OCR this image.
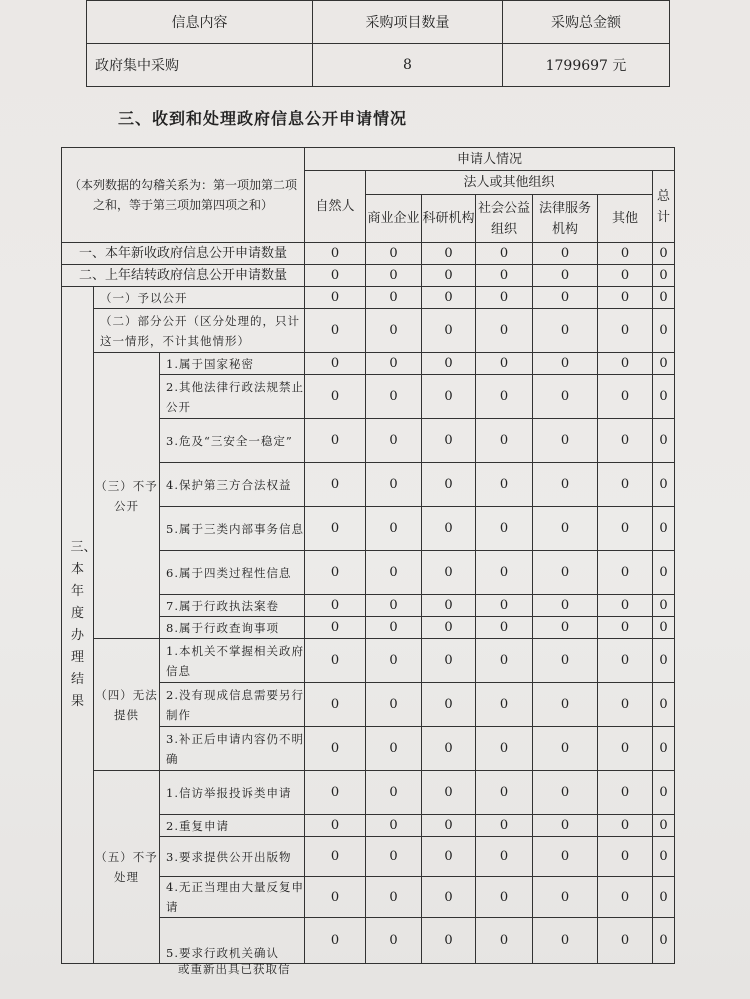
信息内容	采购项目数量	采购总金额
政府集中采购	8	1799697 元
三、收到和处理政府信息公开申请情况
（本列数据的勾稽关系为：第一项加第二项之和，等于第三项加第四项之和）			申请人情况						
			自然人	法人或其他组织					总计
				商业企业	科研机构	社会公益组织	法律服务机构	其他	
一、本年新收政府信息公开申请数量			0	0	0	0	0	0	0
二、上年结转政府信息公开申请数量			0	0	0	0	0	0	0
三、本年度办理结果	（一）予以公开		0	0	0	0	0	0	0
	（二）部分公开（区分处理的，只计这一情形，不计其他情形）		0	0	0	0	0	0	0
	（三）不予公开	1.属于国家秘密	0	0	0	0	0	0	0
		2.其他法律行政法规禁止公开	0	0	0	0	0	0	0
		3.危及“三安全一稳定”	0	0	0	0	0	0	0
		4.保护第三方合法权益	0	0	0	0	0	0	0
		5.属于三类内部事务信息	0	0	0	0	0	0	0
		6.属于四类过程性信息	0	0	0	0	0	0	0
		7.属于行政执法案卷	0	0	0	0	0	0	0
		8.属于行政查询事项	0	0	0	0	0	0	0
	（四）无法提供	1.本机关不掌握相关政府信息	0	0	0	0	0	0	0
		2.没有现成信息需要另行制作	0	0	0	0	0	0	0
		3.补正后申请内容仍不明确	0	0	0	0	0	0	0
	（五）不予处理	1.信访举报投诉类申请	0	0	0	0	0	0	0
		2.重复申请	0	0	0	0	0	0	0
		3.要求提供公开出版物	0	0	0	0	0	0	0
		4.无正当理由大量反复申请	0	0	0	0	0	0	0
		5.要求行政机关确认	0	0	0	0	0	0	0
或重新出具已获取信
